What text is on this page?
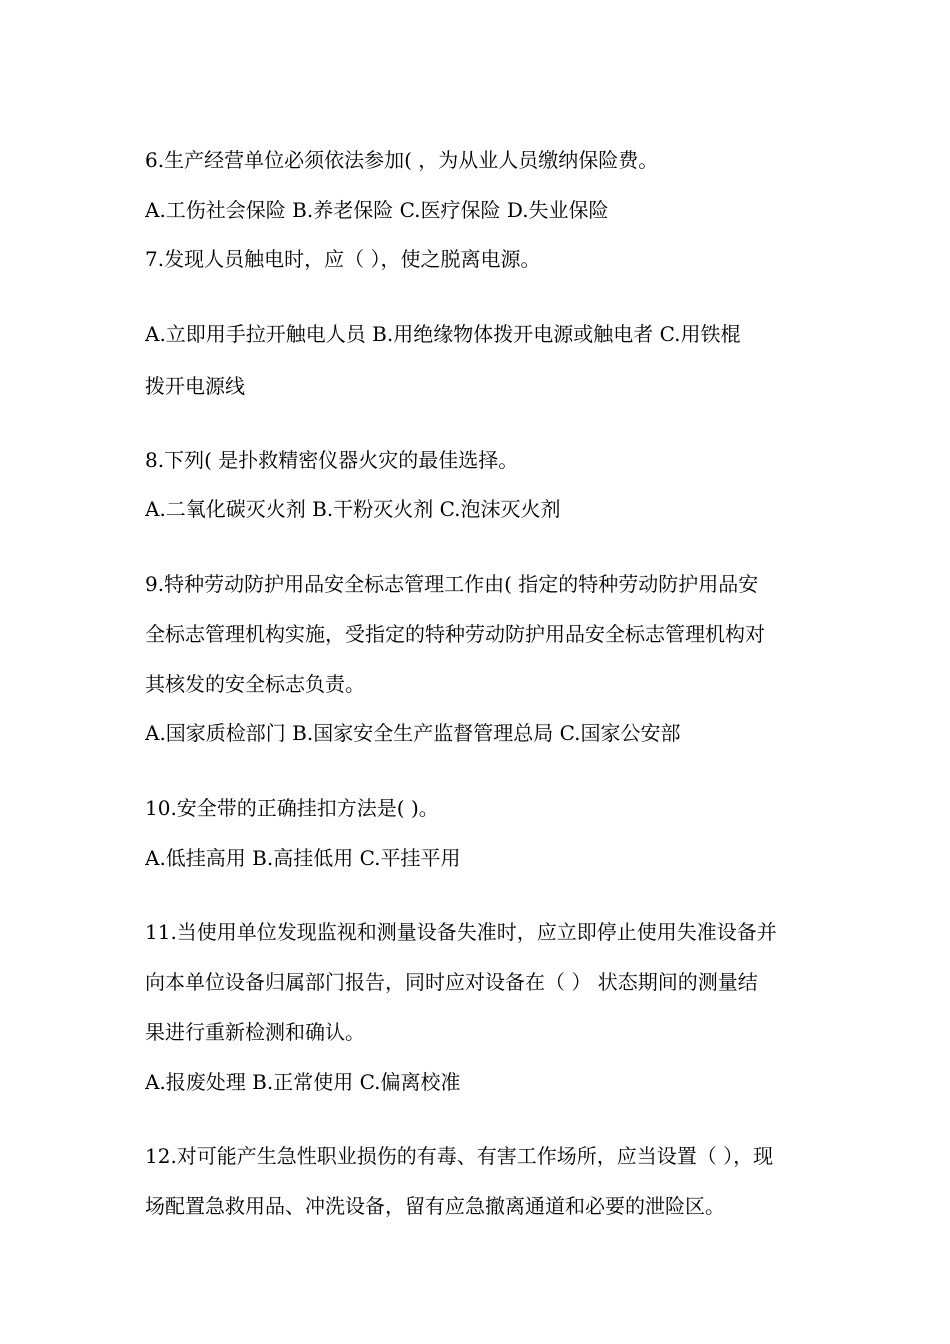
6.生产经营单位必须依法参加( ，为从业人员缴纳保险费。
A.工伤社会保险 B.养老保险 C.医疗保险 D.失业保险
7.发现人员触电时，应（ ），使之脱离电源。
A.立即用手拉开触电人员 B.用绝缘物体拨开电源或触电者 C.用铁棍
拨开电源线
8.下列( 是扑救精密仪器火灾的最佳选择。
A.二氧化碳灭火剂 B.干粉灭火剂 C.泡沫灭火剂
9.特种劳动防护用品安全标志管理工作由( 指定的特种劳动防护用品安
全标志管理机构实施，受指定的特种劳动防护用品安全标志管理机构对
其核发的安全标志负责。
A.国家质检部门 B.国家安全生产监督管理总局 C.国家公安部
10.安全带的正确挂扣方法是( )。
A.低挂高用 B.高挂低用 C.平挂平用
11.当使用单位发现监视和测量设备失准时，应立即停止使用失准设备并
向本单位设备归属部门报告，同时应对设备在（ ） 状态期间的测量结
果进行重新检测和确认。
A.报废处理 B.正常使用 C.偏离校准
12.对可能产生急性职业损伤的有毒、有害工作场所，应当设置（ ），现
场配置急救用品、冲洗设备，留有应急撤离通道和必要的泄险区。
